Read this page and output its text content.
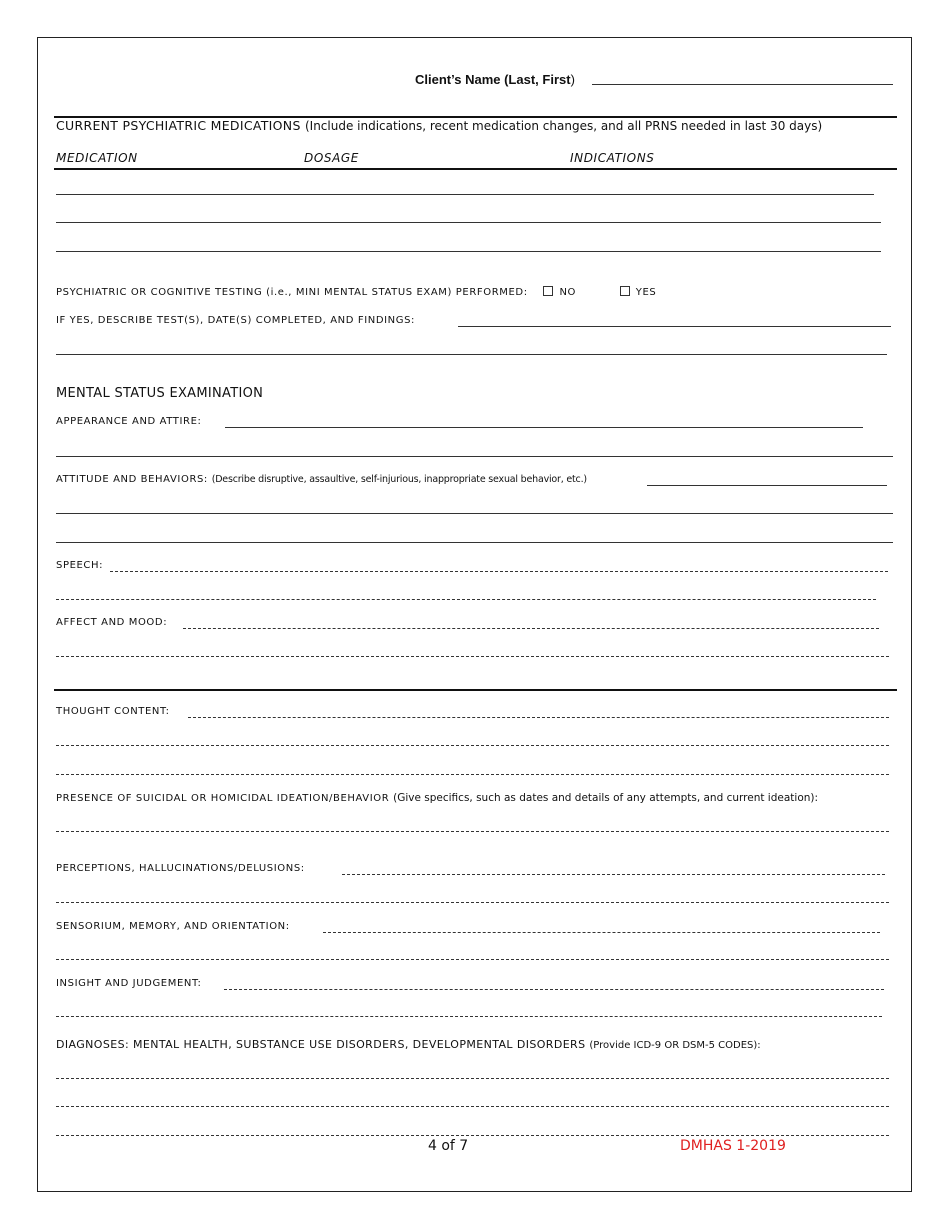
Client’s Name (Last, First)
CURRENT PSYCHIATRIC MEDICATIONS (Include indications, recent medication changes, and all PRNS needed in last 30 days)
MEDICATION	DOSAGE	INDICATIONS
PSYCHIATRIC OR COGNITIVE TESTING (i.e., MINI MENTAL STATUS EXAM) PERFORMED:	NO	YES
IF YES, DESCRIBE TEST(S), DATE(S) COMPLETED, AND FINDINGS:
MENTAL STATUS EXAMINATION
APPEARANCE AND ATTIRE:
ATTITUDE AND BEHAVIORS: (Describe disruptive, assaultive, self-injurious, inappropriate sexual behavior, etc.)
SPEECH:
AFFECT AND MOOD:
THOUGHT CONTENT:
PRESENCE OF SUICIDAL OR HOMICIDAL IDEATION/BEHAVIOR (Give specifics, such as dates and details of any attempts, and current ideation):
PERCEPTIONS, HALLUCINATIONS/DELUSIONS:
SENSORIUM, MEMORY, AND ORIENTATION:
INSIGHT AND JUDGEMENT:
DIAGNOSES: MENTAL HEALTH, SUBSTANCE USE DISORDERS, DEVELOPMENTAL DISORDERS (Provide ICD-9 OR DSM-5 CODES):
4 of 7	DMHAS 1-2019
